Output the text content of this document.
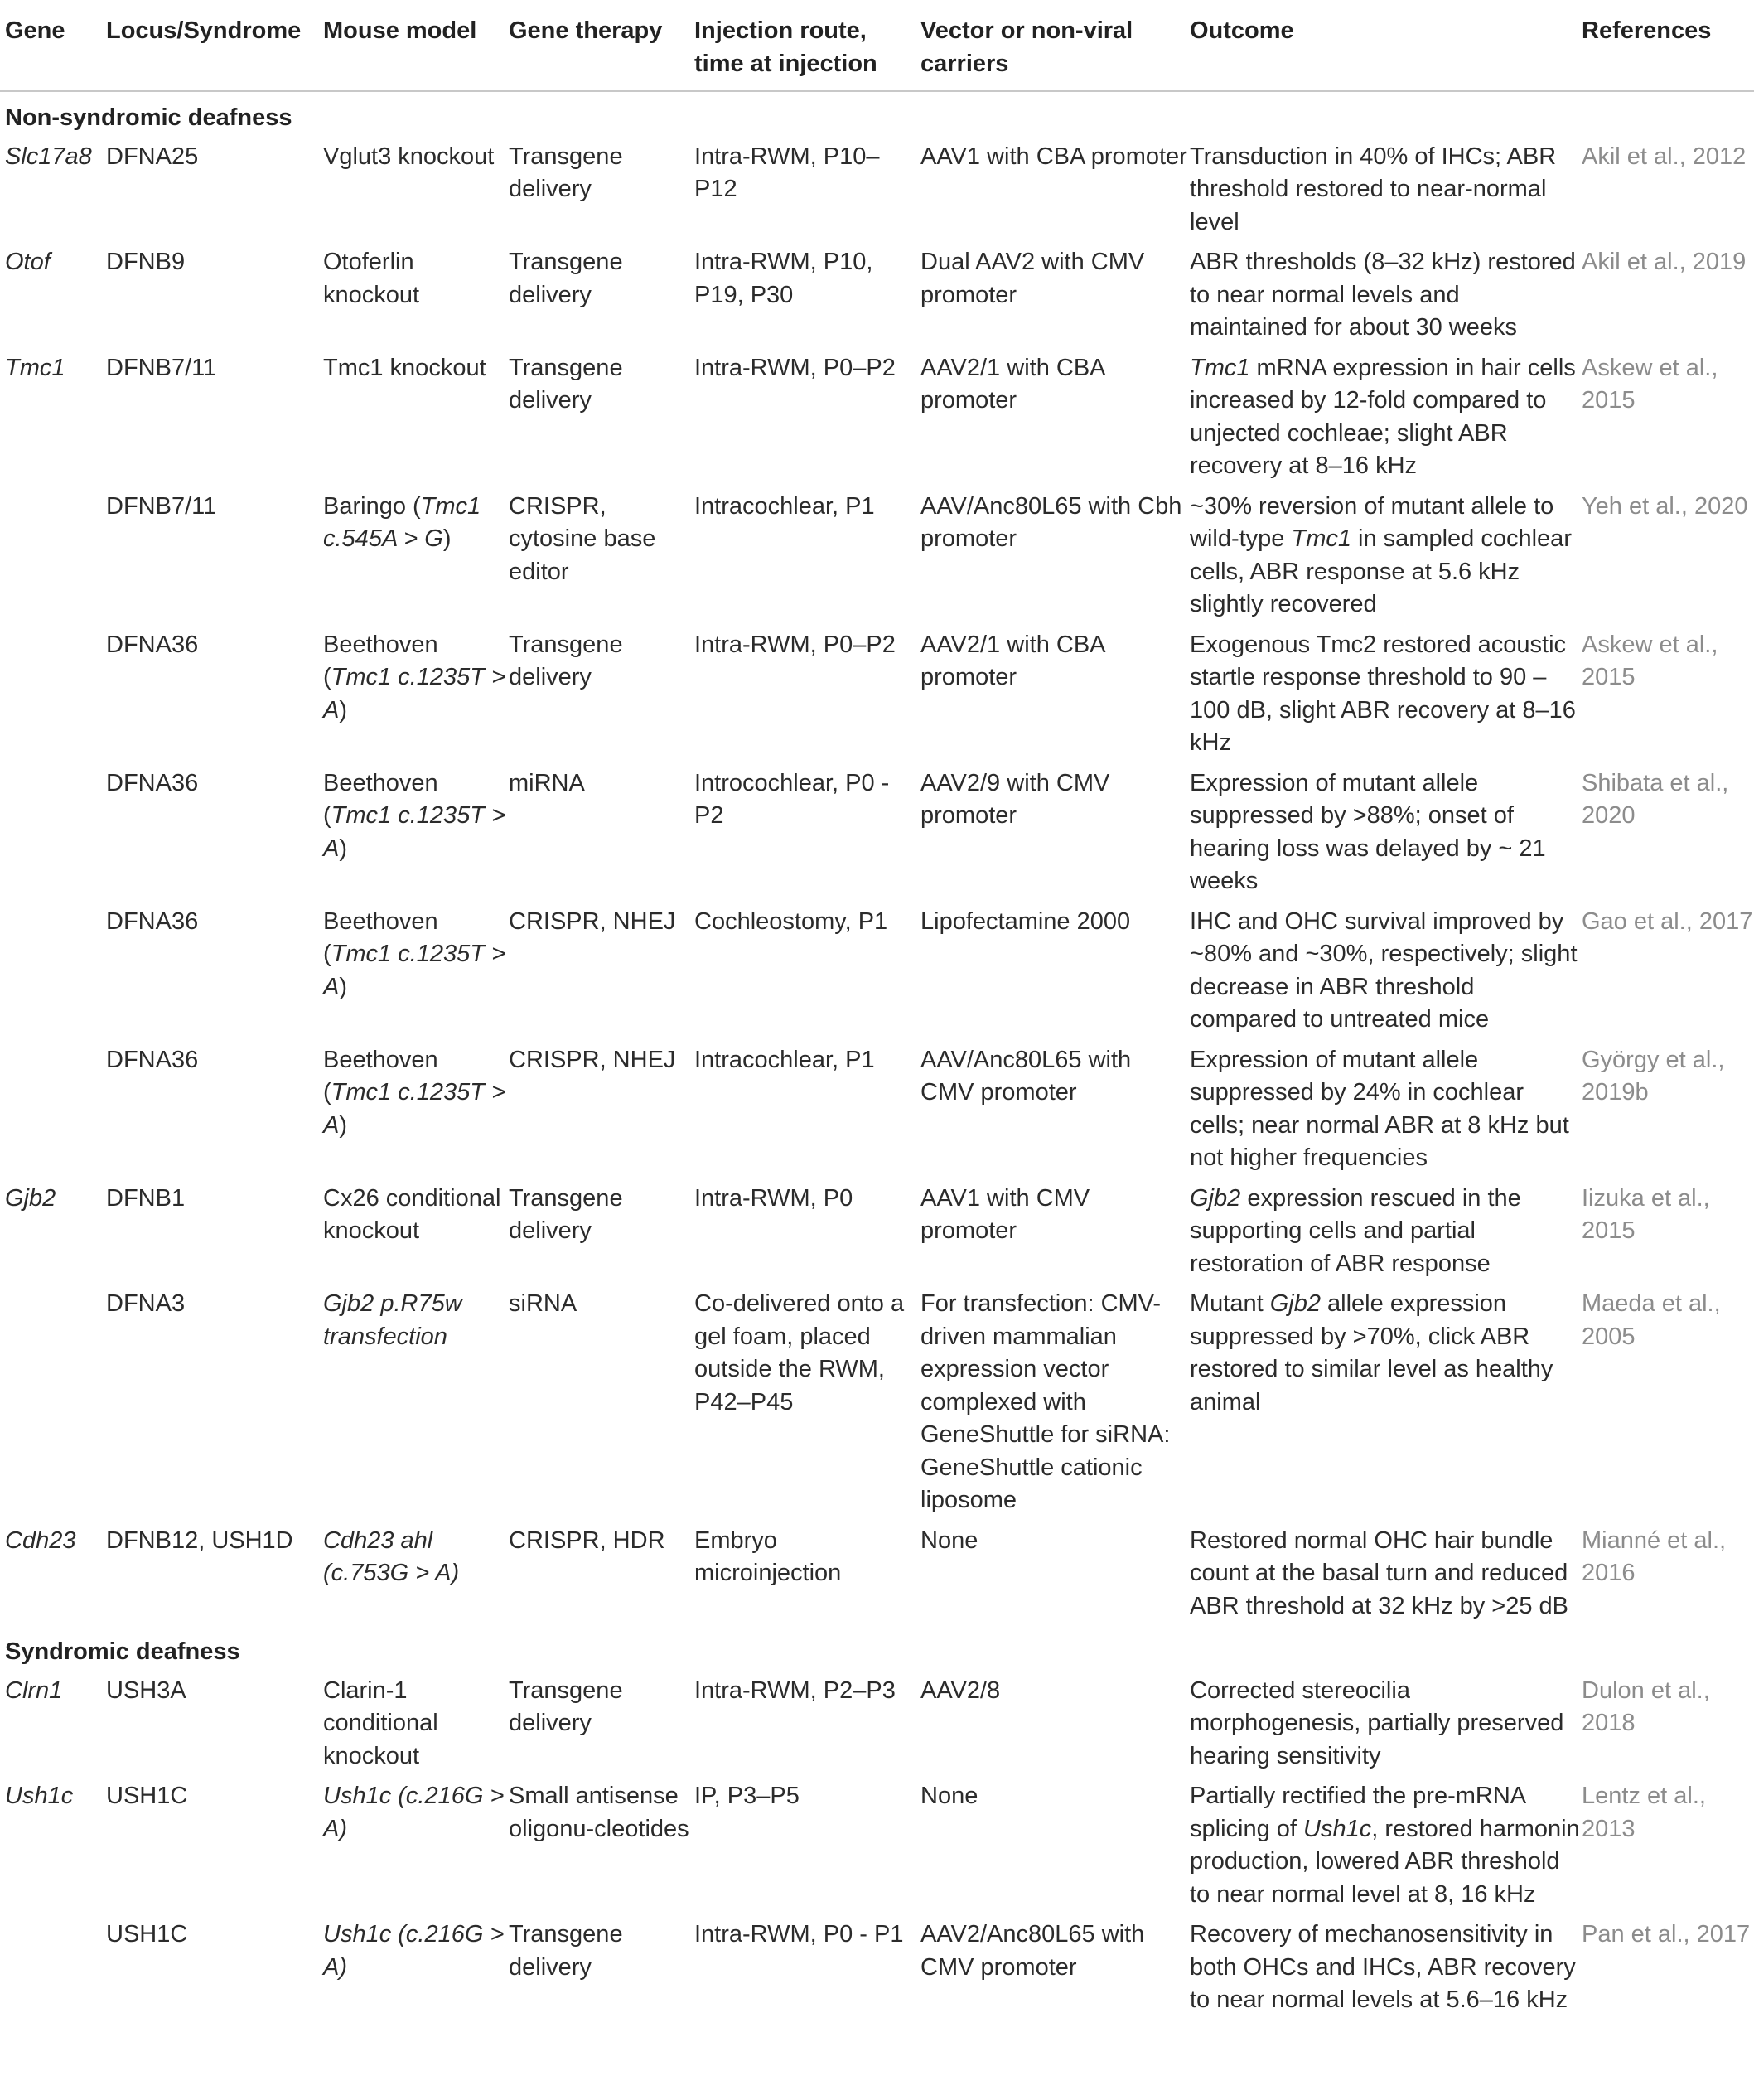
Gene	Locus/Syndrome	Mouse model	Gene therapy	Injection route, time at injection	Vector or non-viral carriers	Outcome	References
Non-syndromic deafness							
Slc17a8	DFNA25	Vglut3 knockout	Transgene delivery	Intra-RWM, P10–P12	AAV1 with CBA promoter	Transduction in 40% of IHCs; ABR threshold restored to near-normal level	Akil et al., 2012
Otof	DFNB9	Otoferlin knockout	Transgene delivery	Intra-RWM, P10, P19, P30	Dual AAV2 with CMV promoter	ABR thresholds (8–32 kHz) restored to near normal levels and maintained for about 30 weeks	Akil et al., 2019
Tmc1	DFNB7/11	Tmc1 knockout	Transgene delivery	Intra-RWM, P0–P2	AAV2/1 with CBA promoter	Tmc1 mRNA expression in hair cells increased by 12-fold compared to unjected cochleae; slight ABR recovery at 8–16 kHz	Askew et al., 2015
	DFNB7/11	Baringo (Tmc1 c.545A > G)	CRISPR, cytosine base editor	Intracochlear, P1	AAV/Anc80L65 with Cbh promoter	~30% reversion of mutant allele to wild-type Tmc1 in sampled cochlear cells, ABR response at 5.6 kHz slightly recovered	Yeh et al., 2020
	DFNA36	Beethoven (Tmc1 c.1235T > A)	Transgene delivery	Intra-RWM, P0–P2	AAV2/1 with CBA promoter	Exogenous Tmc2 restored acoustic startle response threshold to 90 –100 dB, slight ABR recovery at 8–16 kHz	Askew et al., 2015
	DFNA36	Beethoven (Tmc1 c.1235T > A)	miRNA	Introcochlear, P0 - P2	AAV2/9 with CMV promoter	Expression of mutant allele suppressed by >88%; onset of hearing loss was delayed by ~ 21 weeks	Shibata et al., 2020
	DFNA36	Beethoven (Tmc1 c.1235T > A)	CRISPR, NHEJ	Cochleostomy, P1	Lipofectamine 2000	IHC and OHC survival improved by ~80% and ~30%, respectively; slight decrease in ABR threshold compared to untreated mice	Gao et al., 2017
	DFNA36	Beethoven (Tmc1 c.1235T > A)	CRISPR, NHEJ	Intracochlear, P1	AAV/Anc80L65 with CMV promoter	Expression of mutant allele suppressed by 24% in cochlear cells; near normal ABR at 8 kHz but not higher frequencies	György et al., 2019b
Gjb2	DFNB1	Cx26 conditional knockout	Transgene delivery	Intra-RWM, P0	AAV1 with CMV promoter	Gjb2 expression rescued in the supporting cells and partial restoration of ABR response	Iizuka et al., 2015
	DFNA3	Gjb2 p.R75w transfection	siRNA	Co-delivered onto a gel foam, placed outside the RWM, P42–P45	For transfection: CMV-driven mammalian expression vector complexed with GeneShuttle for siRNA: GeneShuttle cationic liposome	Mutant Gjb2 allele expression suppressed by >70%, click ABR restored to similar level as healthy animal	Maeda et al., 2005
Cdh23	DFNB12, USH1D	Cdh23 ahl (c.753G > A)	CRISPR, HDR	Embryo microinjection	None	Restored normal OHC hair bundle count at the basal turn and reduced ABR threshold at 32 kHz by >25 dB	Mianné et al., 2016
Syndromic deafness							
Clrn1	USH3A	Clarin-1 conditional knockout	Transgene delivery	Intra-RWM, P2–P3	AAV2/8	Corrected stereocilia morphogenesis, partially preserved hearing sensitivity	Dulon et al., 2018
Ush1c	USH1C	Ush1c (c.216G > A)	Small antisense oligonu-cleotides	IP, P3–P5	None	Partially rectified the pre-mRNA splicing of Ush1c, restored harmonin production, lowered ABR threshold to near normal level at 8, 16 kHz	Lentz et al., 2013
	USH1C	Ush1c (c.216G > A)	Transgene delivery	Intra-RWM, P0 - P1	AAV2/Anc80L65 with CMV promoter	Recovery of mechanosensitivity in both OHCs and IHCs, ABR recovery to near normal levels at 5.6–16 kHz	Pan et al., 2017
